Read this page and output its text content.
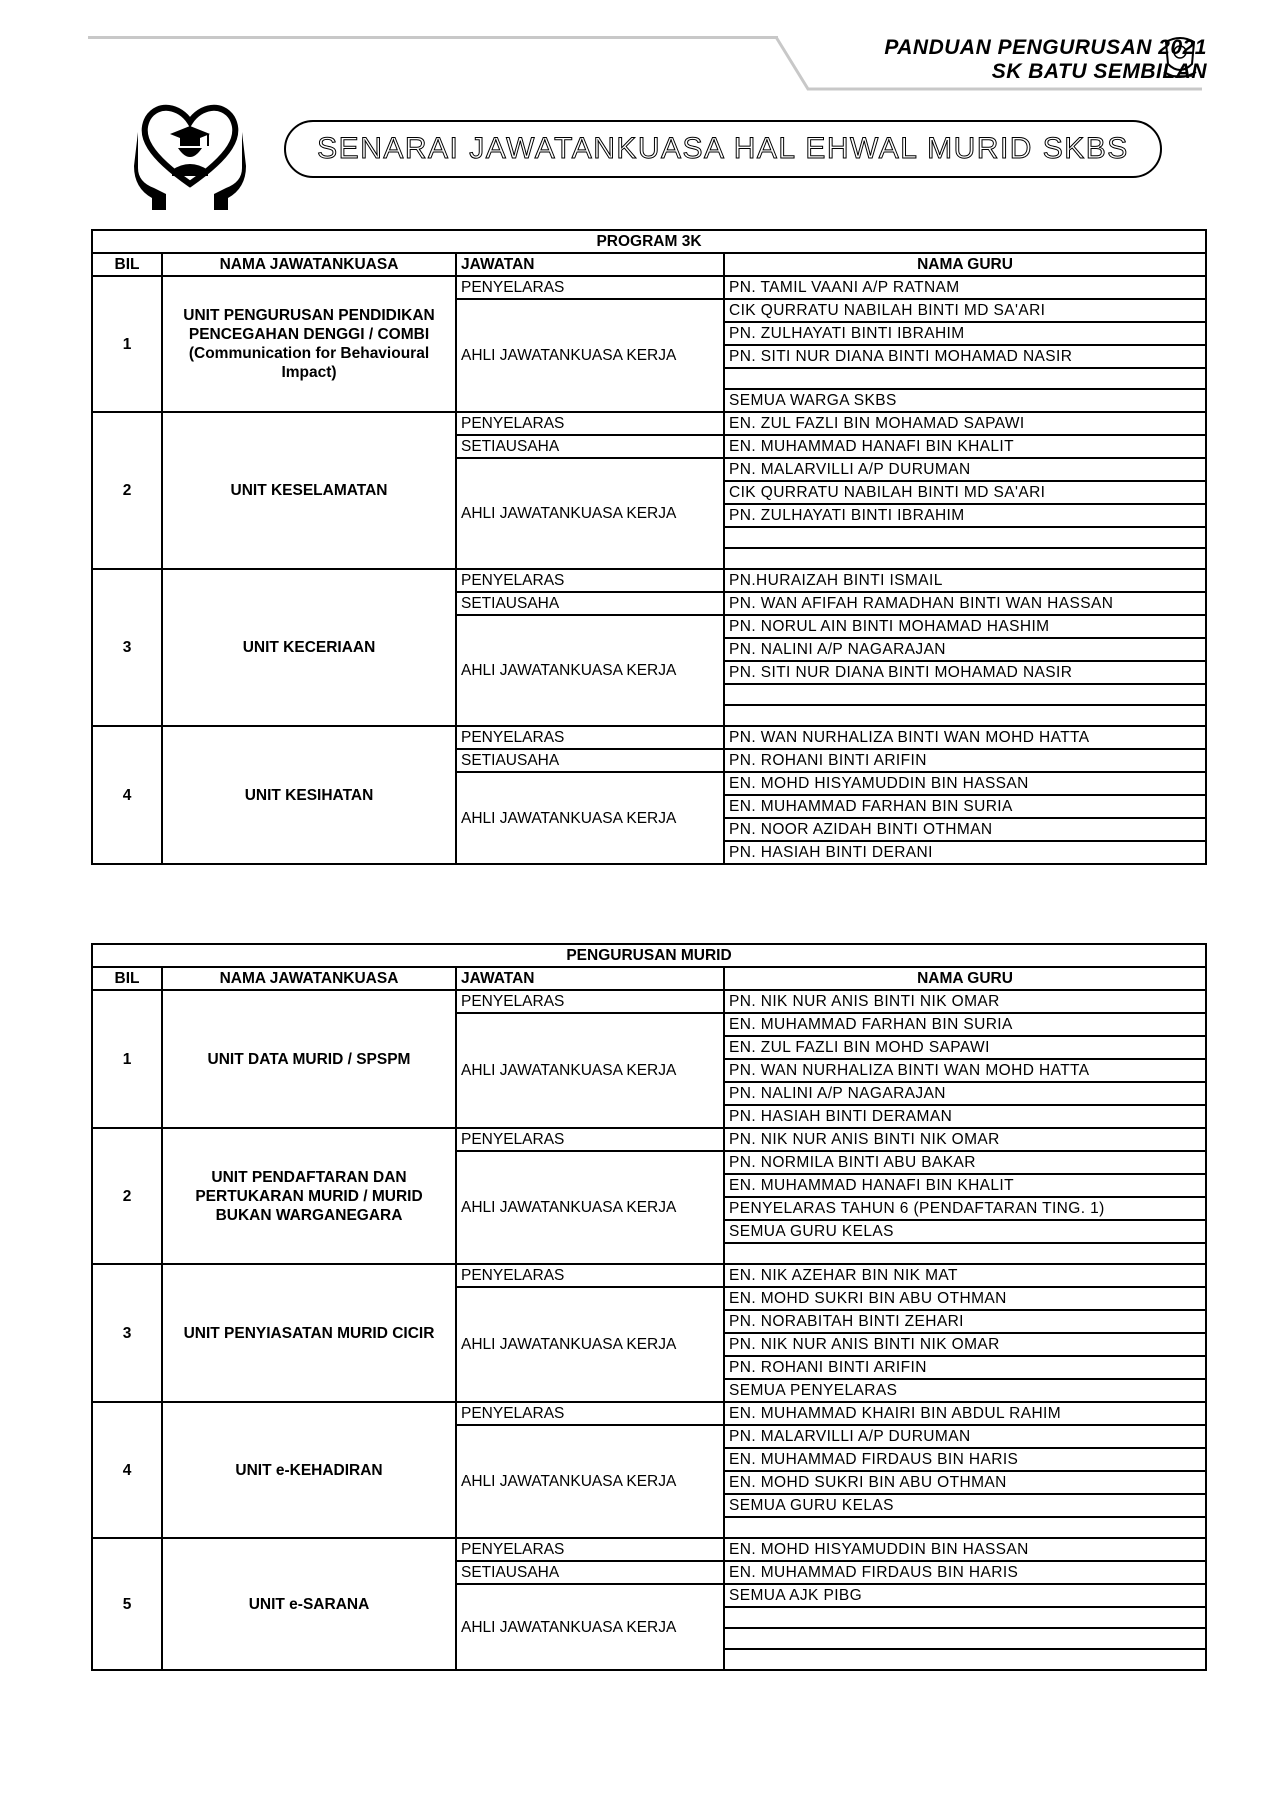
PANDUAN PENGURUSAN 2021
SK BATU SEMBILAN
SENARAI JAWATANKUASA HAL EHWAL MURID SKBS
PROGRAM 3K			
BIL	NAMA JAWATANKUASA	JAWATAN	NAMA GURU
1	UNIT PENGURUSAN PENDIDIKAN PENCEGAHAN DENGGI / COMBI (Communication for Behavioural Impact)	PENYELARAS	PN. TAMIL VAANI A/P RATNAM
		AHLI JAWATANKUASA KERJA	CIK QURRATU NABILAH BINTI MD SA'ARI
			PN. ZULHAYATI BINTI IBRAHIM
			PN. SITI NUR DIANA BINTI MOHAMAD NASIR

			SEMUA WARGA SKBS
2	UNIT KESELAMATAN	PENYELARAS	EN. ZUL FAZLI BIN MOHAMAD SAPAWI
		SETIAUSAHA	EN. MUHAMMAD HANAFI BIN KHALIT
		AHLI JAWATANKUASA KERJA	PN. MALARVILLI A/P DURUMAN
			CIK QURRATU NABILAH BINTI MD SA'ARI
			PN. ZULHAYATI BINTI IBRAHIM

3	UNIT KECERIAAN	PENYELARAS	PN.HURAIZAH BINTI ISMAIL
		SETIAUSAHA	PN. WAN AFIFAH RAMADHAN BINTI WAN HASSAN
		AHLI JAWATANKUASA KERJA	PN. NORUL AIN BINTI MOHAMAD HASHIM
			PN. NALINI A/P NAGARAJAN
			PN. SITI NUR DIANA BINTI MOHAMAD NASIR

4	UNIT KESIHATAN	PENYELARAS	PN. WAN NURHALIZA BINTI WAN MOHD HATTA
		SETIAUSAHA	PN. ROHANI BINTI ARIFIN
		AHLI JAWATANKUASA KERJA	EN. MOHD HISYAMUDDIN BIN HASSAN
			EN. MUHAMMAD FARHAN BIN SURIA
			PN. NOOR AZIDAH BINTI OTHMAN
			PN. HASIAH BINTI DERANI
PENGURUSAN MURID			
BIL	NAMA JAWATANKUASA	JAWATAN	NAMA GURU
1	UNIT DATA MURID / SPSPM	PENYELARAS	PN. NIK NUR ANIS BINTI NIK OMAR
		AHLI JAWATANKUASA KERJA	EN. MUHAMMAD FARHAN BIN SURIA
			EN. ZUL FAZLI BIN MOHD SAPAWI
			PN. WAN NURHALIZA BINTI WAN MOHD HATTA
			PN. NALINI A/P NAGARAJAN
			PN. HASIAH BINTI DERAMAN
2	UNIT PENDAFTARAN DAN PERTUKARAN MURID / MURID BUKAN WARGANEGARA	PENYELARAS	PN. NIK NUR ANIS BINTI NIK OMAR
		AHLI JAWATANKUASA KERJA	PN. NORMILA BINTI ABU BAKAR
			EN. MUHAMMAD HANAFI BIN KHALIT
			PENYELARAS TAHUN 6 (PENDAFTARAN TING. 1)
			SEMUA GURU KELAS

3	UNIT PENYIASATAN MURID CICIR	PENYELARAS	EN. NIK AZEHAR BIN NIK MAT
		AHLI JAWATANKUASA KERJA	EN. MOHD SUKRI BIN ABU OTHMAN
			PN. NORABITAH BINTI ZEHARI
			PN. NIK NUR ANIS BINTI NIK OMAR
			PN. ROHANI BINTI ARIFIN
			SEMUA PENYELARAS
4	UNIT e-KEHADIRAN	PENYELARAS	EN. MUHAMMAD KHAIRI BIN ABDUL RAHIM
		AHLI JAWATANKUASA KERJA	PN. MALARVILLI A/P DURUMAN
			EN. MUHAMMAD FIRDAUS BIN HARIS
			EN. MOHD SUKRI BIN ABU OTHMAN
			SEMUA GURU KELAS

5	UNIT e-SARANA	PENYELARAS	EN. MOHD HISYAMUDDIN BIN HASSAN
		SETIAUSAHA	EN. MUHAMMAD FIRDAUS BIN HARIS
		AHLI JAWATANKUASA KERJA	SEMUA AJK PIBG
